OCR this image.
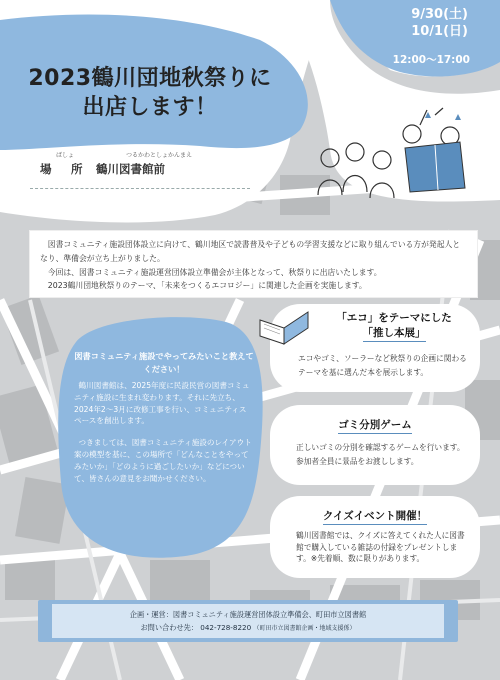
9/30(土)
10/1(日)
12:00～17:00
2023鶴川団地秋祭りに
出店します！
ばしょ	つるかわとしょかんまえ
場　所 鶴川図書館前

図書コミュニティ施設団体設立に向けて、鶴川地区で読書普及や子どもの学習支援などに取り組んでいる方が発起人となり、準備会が立ち上がりました。

今回は、図書コミュニティ施設運営団体設立準備会が主体となって、秋祭りに出店いたします。

2023鶴川団地秋祭りのテーマ、「未来をつくるエコロジー」に関連した企画を実施します。

図書コミュニティ施設でやってみたいこと教えてください！

鶴川図書館は、2025年度に民設民営の図書コミュニティ施設に生まれ変わります。それに先立ち、2024年2～3月に改修工事を行い、コミュニティスペースを創出します。

つきましては、図書コミュニティ施設のレイアウト案の模型を基に、この場所で「どんなことをやってみたいか」「どのように過ごしたいか」などについて、皆さんの意見をお聞かせください。

「エコ」をテーマにした
「推し本展」
エコやゴミ、ソーラーなど秋祭りの企画に関わるテーマを基に選んだ本を展示します。
ゴミ分別ゲーム
正しいゴミの分別を確認するゲームを行います。参加者全員に景品をお渡しします。
クイズイベント開催！
鶴川図書館では、クイズに答えてくれた人に図書館で購入している雑誌の付録をプレゼントします。※先着順、数に限りがあります。
企画・運営：図書コミュニティ施設運営団体設立準備会、町田市立図書館
お問い合わせ先： 042-728-8220 （町田市立図書館企画・地域支援係）
